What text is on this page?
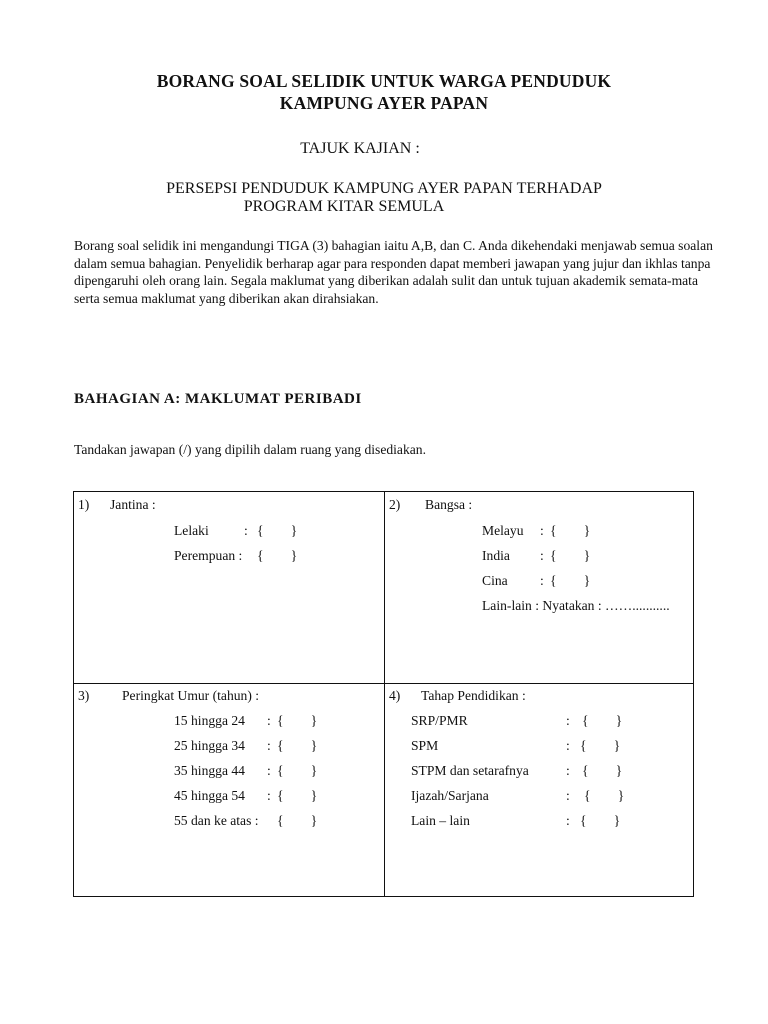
BORANG SOAL SELIDIK UNTUK WARGA PENDUDUK
KAMPUNG AYER PAPAN
TAJUK KAJIAN :
PERSEPSI PENDUDUK KAMPUNG AYER PAPAN TERHADAP
PROGRAM KITAR SEMULA
Borang soal selidik ini mengandungi TIGA (3) bahagian iaitu A,B, dan C. Anda dikehendaki menjawab semua soalan dalam semua bahagian. Penyelidik berharap agar para responden dapat memberi jawapan yang jujur dan ikhlas tanpa dipengaruhi oleh orang lain. Segala maklumat yang diberikan adalah sulit dan untuk tujuan akademik semata-mata serta semua maklumat yang diberikan akan dirahsiakan.
BAHAGIAN A: MAKLUMAT PERIBADI
Tandakan jawapan (/) yang dipilih dalam ruang yang disediakan.
1) Jantina :
Lelaki	: {        }
Perempuan : {        }
2) Bangsa :
Melayu : {        }
India : {        }
Cina : {        }
Lain-lain : Nyatakan : ……...........
3) Peringkat Umur (tahun) :
15 hingga 24 : {        }
25 hingga 34 : {        }
35 hingga 44 : {        }
45 hingga 54 : {        }
55 dan ke atas : {        }
4) Tahap Pendidikan :
SRP/PMR	: {        }
SPM	: {        }
STPM dan setarafnya	: {        }
Ijazah/Sarjana	: {        }
Lain – lain	: {        }
